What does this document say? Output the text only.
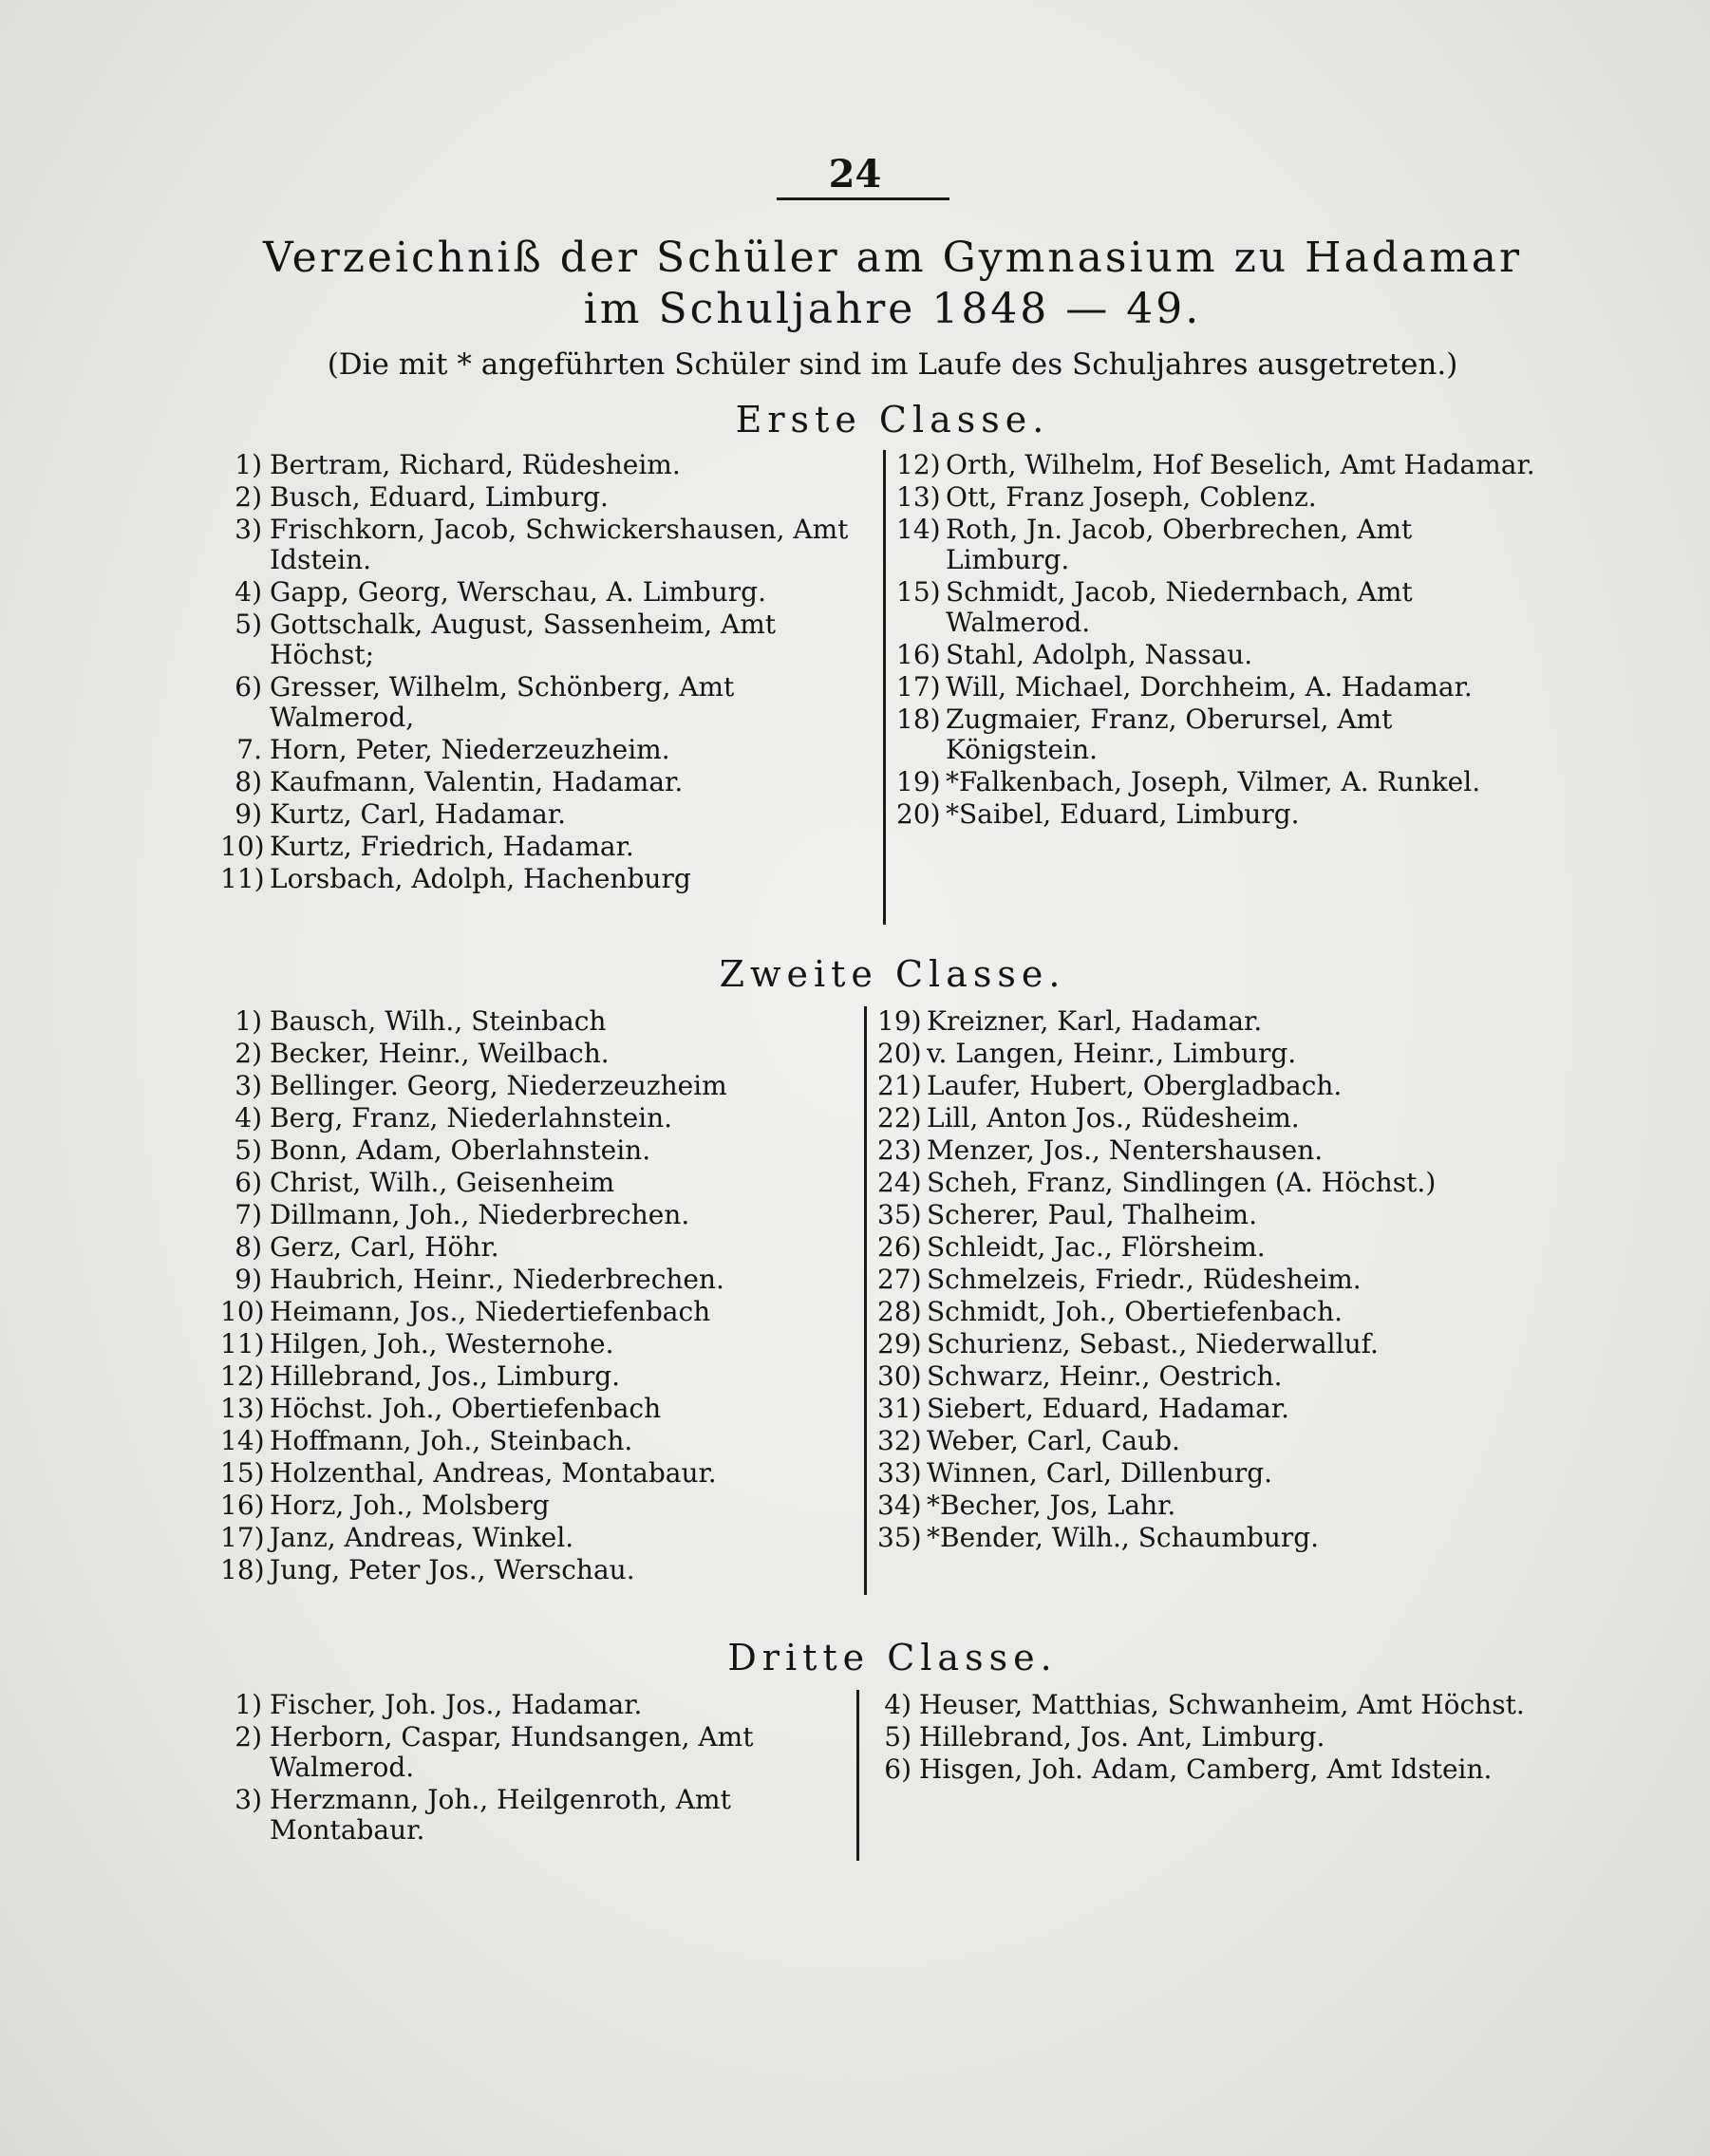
24
Verzeichniß der Schüler am Gymnasium zu Hadamar
im Schuljahre 1848 — 49.
(Die mit * angeführten Schüler sind im Laufe des Schuljahres ausgetreten.)
Erste Classe.
1) Bertram, Richard, Rüdesheim.
2) Busch, Eduard, Limburg.
3) Frischkorn, Jacob, Schwickershausen, Amt Idstein.
4) Gapp, Georg, Werschau, A. Limburg.
5) Gottschalk, August, Sassenheim, Amt Höchst;
6) Gresser, Wilhelm, Schönberg, Amt Walmerod,
7. Horn, Peter, Niederzeuzheim.
8) Kaufmann, Valentin, Hadamar.
9) Kurtz, Carl, Hadamar.
10) Kurtz, Friedrich, Hadamar.
11) Lorsbach, Adolph, Hachenburg
12) Orth, Wilhelm, Hof Beselich, Amt Hadamar.
13) Ott, Franz Joseph, Coblenz.
14) Roth, Jn. Jacob, Oberbrechen, Amt Limburg.
15) Schmidt, Jacob, Niedernbach, Amt Walmerod.
16) Stahl, Adolph, Nassau.
17) Will, Michael, Dorchheim, A. Hadamar.
18) Zugmaier, Franz, Oberursel, Amt Königstein.
19) *Falkenbach, Joseph, Vilmer, A. Runkel.
20) *Saibel, Eduard, Limburg.
Zweite Classe.
1) Bausch, Wilh., Steinbach
2) Becker, Heinr., Weilbach.
3) Bellinger. Georg, Niederzeuzheim
4) Berg, Franz, Niederlahnstein.
5) Bonn, Adam, Oberlahnstein.
6) Christ, Wilh., Geisenheim
7) Dillmann, Joh., Niederbrechen.
8) Gerz, Carl, Höhr.
9) Haubrich, Heinr., Niederbrechen.
10) Heimann, Jos., Niedertiefenbach
11) Hilgen, Joh., Westernohe.
12) Hillebrand, Jos., Limburg.
13) Höchst. Joh., Obertiefenbach
14) Hoffmann, Joh., Steinbach.
15) Holzenthal, Andreas, Montabaur.
16) Horz, Joh., Molsberg
17) Janz, Andreas, Winkel.
18) Jung, Peter Jos., Werschau.
19) Kreizner, Karl, Hadamar.
20) v. Langen, Heinr., Limburg.
21) Laufer, Hubert, Obergladbach.
22) Lill, Anton Jos., Rüdesheim.
23) Menzer, Jos., Nentershausen.
24) Scheh, Franz, Sindlingen (A. Höchst.)
35) Scherer, Paul, Thalheim.
26) Schleidt, Jac., Flörsheim.
27) Schmelzeis, Friedr., Rüdesheim.
28) Schmidt, Joh., Obertiefenbach.
29) Schurienz, Sebast., Niederwalluf.
30) Schwarz, Heinr., Oestrich.
31) Siebert, Eduard, Hadamar.
32) Weber, Carl, Caub.
33) Winnen, Carl, Dillenburg.
34) *Becher, Jos, Lahr.
35) *Bender, Wilh., Schaumburg.
Dritte Classe.
1) Fischer, Joh. Jos., Hadamar.
2) Herborn, Caspar, Hundsangen, Amt Walmerod.
3) Herzmann, Joh., Heilgenroth, Amt Montabaur.
4) Heuser, Matthias, Schwanheim, Amt Höchst.
5) Hillebrand, Jos. Ant, Limburg.
6) Hisgen, Joh. Adam, Camberg, Amt Idstein.
